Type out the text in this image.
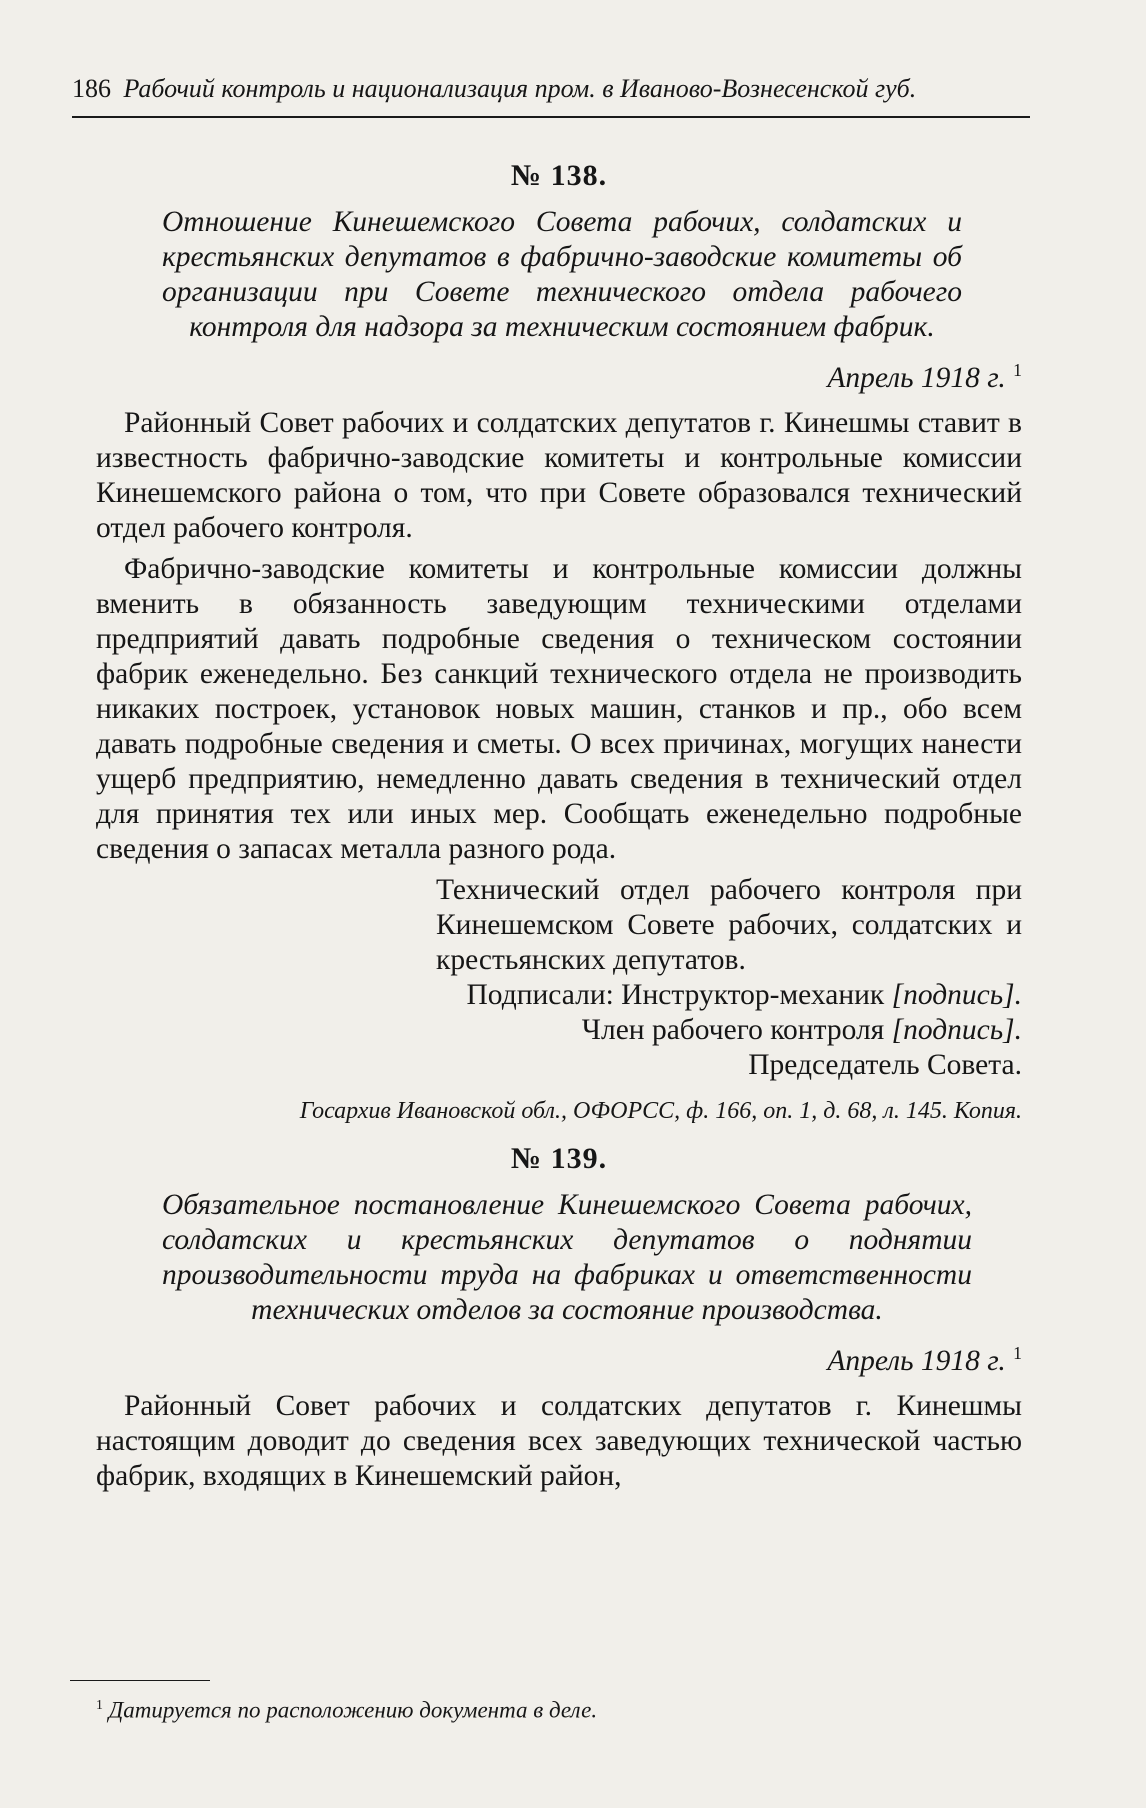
186 Рабочий контроль и национализация пром. в Иваново-Вознесенской губ.
№ 138.
Отношение Кинешемского Совета рабочих, солдатских и крестьянских депутатов в фабрично-заводские комитеты об организации при Совете технического отдела рабочего контроля для надзора за техническим состоянием фабрик.
Апрель 1918 г. $^1$

Районный Совет рабочих и солдатских депутатов г. Кинешмы ставит в известность фабрично-заводские комитеты и контрольные комиссии Кинешемского района о том, что при Совете образовался технический отдел рабочего контроля.

Фабрично-заводские комитеты и контрольные комиссии должны вменить в обязанность заведующим техническими отделами предприятий давать подробные сведения о техническом состоянии фабрик еженедельно. Без санкций технического отдела не производить никаких построек, установок новых машин, станков и пр., обо всем давать подробные сведения и сметы. О всех причинах, могущих нанести ущерб предприятию, немедленно давать сведения в технический отдел для принятия тех или иных мер. Сообщать еженедельно подробные сведения о запасах металла разного рода.

Технический отдел рабочего контроля при Кинешемском Совете рабочих, солдатских и крестьянских депутатов.
Подписали: Инструктор-механик [подпись].
Член рабочего контроля [подпись].
Председатель Совета.
Госархив Ивановской обл., ОФОРСС, ф. 166, оп. 1, д. 68, л. 145. Копия.
№ 139.
Обязательное постановление Кинешемского Совета рабочих, солдатских и крестьянских депутатов о поднятии производительности труда на фабриках и ответственности технических отделов за состояние производства.
Апрель 1918 г. $^1$

Районный Совет рабочих и солдатских депутатов г. Кинешмы настоящим доводит до сведения всех заведующих технической частью фабрик, входящих в Кинешемский район,

$^1$ Датируется по расположению документа в деле.
